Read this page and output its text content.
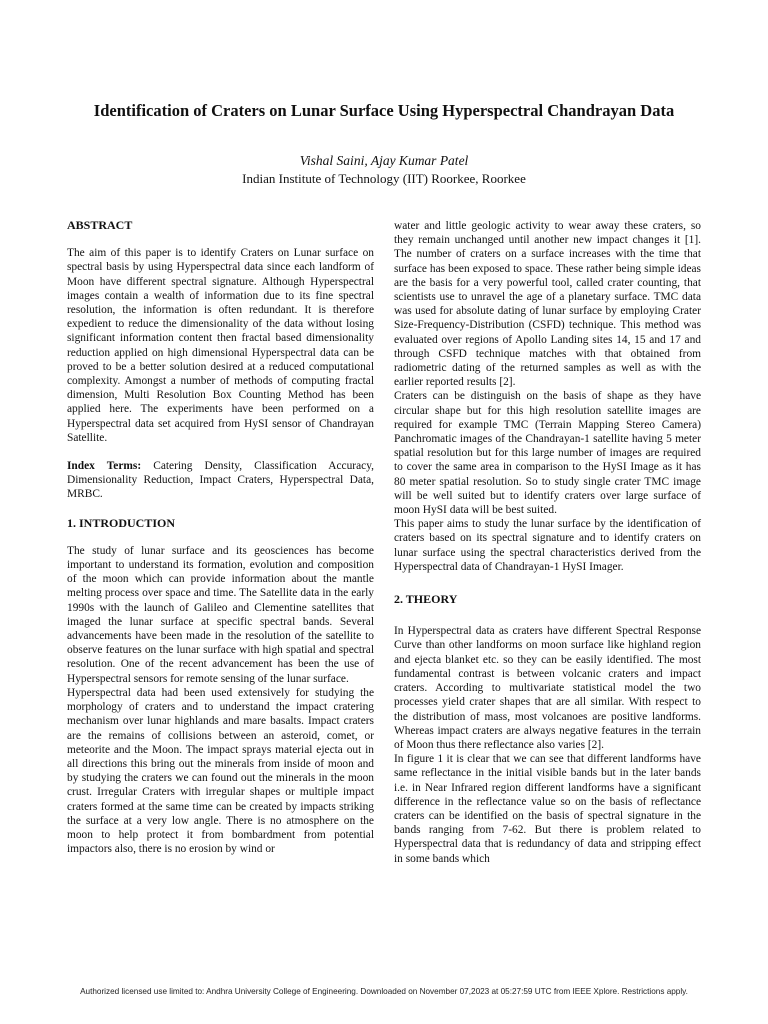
Identification of Craters on Lunar Surface Using Hyperspectral Chandrayan Data
Vishal Saini, Ajay Kumar Patel
Indian Institute of Technology (IIT) Roorkee, Roorkee

ABSTRACT

The aim of this paper is to identify Craters on Lunar surface on spectral basis by using Hyperspectral data since each landform of Moon have different spectral signature. Although Hyperspectral images contain a wealth of information due to its fine spectral resolution, the information is often redundant. It is therefore expedient to reduce the dimensionality of the data without losing significant information content then fractal based dimensionality reduction applied on high dimensional Hyperspectral data can be proved to be a better solution desired at a reduced computational complexity. Amongst a number of methods of computing fractal dimension, Multi Resolution Box Counting Method has been applied here. The experiments have been performed on a Hyperspectral data set acquired from HySI sensor of Chandrayan Satellite.

Index Terms: Catering Density, Classification Accuracy, Dimensionality Reduction, Impact Craters, Hyperspectral Data, MRBC.

1. INTRODUCTION

The study of lunar surface and its geosciences has become important to understand its formation, evolution and composition of the moon which can provide information about the mantle melting process over space and time. The Satellite data in the early 1990s with the launch of Galileo and Clementine satellites that imaged the lunar surface at specific spectral bands. Several advancements have been made in the resolution of the satellite to observe features on the lunar surface with high spatial and spectral resolution. One of the recent advancement has been the use of Hyperspectral sensors for remote sensing of the lunar surface.

Hyperspectral data had been used extensively for studying the morphology of craters and to understand the impact cratering mechanism over lunar highlands and mare basalts. Impact craters are the remains of collisions between an asteroid, comet, or meteorite and the Moon. The impact sprays material ejecta out in all directions this bring out the minerals from inside of moon and by studying the craters we can found out the minerals in the moon crust. Irregular Craters with irregular shapes or multiple impact craters formed at the same time can be created by impacts striking the surface at a very low angle. There is no atmosphere on the moon to help protect it from bombardment from potential impactors also, there is no erosion by wind or

water and little geologic activity to wear away these craters, so they remain unchanged until another new impact changes it [1]. The number of craters on a surface increases with the time that surface has been exposed to space. These rather being simple ideas are the basis for a very powerful tool, called crater counting, that scientists use to unravel the age of a planetary surface. TMC data was used for absolute dating of lunar surface by employing Crater Size-Frequency-Distribution (CSFD) technique. This method was evaluated over regions of Apollo Landing sites 14, 15 and 17 and through CSFD technique matches with that obtained from radiometric dating of the returned samples as well as with the earlier reported results [2].

Craters can be distinguish on the basis of shape as they have circular shape but for this high resolution satellite images are required for example TMC (Terrain Mapping Stereo Camera) Panchromatic images of the Chandrayan-1 satellite having 5 meter spatial resolution but for this large number of images are required to cover the same area in comparison to the HySI Image as it has 80 meter spatial resolution. So to study single crater TMC image will be well suited but to identify craters over large surface of moon HySI data will be best suited.

This paper aims to study the lunar surface by the identification of craters based on its spectral signature and to identify craters on lunar surface using the spectral characteristics derived from the Hyperspectral data of Chandrayan-1 HySI Imager.

2. THEORY

In Hyperspectral data as craters have different Spectral Response Curve than other landforms on moon surface like highland region and ejecta blanket etc. so they can be easily identified. The most fundamental contrast is between volcanic craters and impact craters. According to multivariate statistical model the two processes yield crater shapes that are all similar. With respect to the distribution of mass, most volcanoes are positive landforms. Whereas impact craters are always negative features in the terrain of Moon thus there reflectance also varies [2].

In figure 1 it is clear that we can see that different landforms have same reflectance in the initial visible bands but in the later bands i.e. in Near Infrared region different landforms have a significant difference in the reflectance value so on the basis of reflectance craters can be identified on the basis of spectral signature in the bands ranging from 7-62. But there is problem related to Hyperspectral data that is redundancy of data and stripping effect in some bands which

Authorized licensed use limited to: Andhra University College of Engineering. Downloaded on November 07,2023 at 05:27:59 UTC from IEEE Xplore. Restrictions apply.
